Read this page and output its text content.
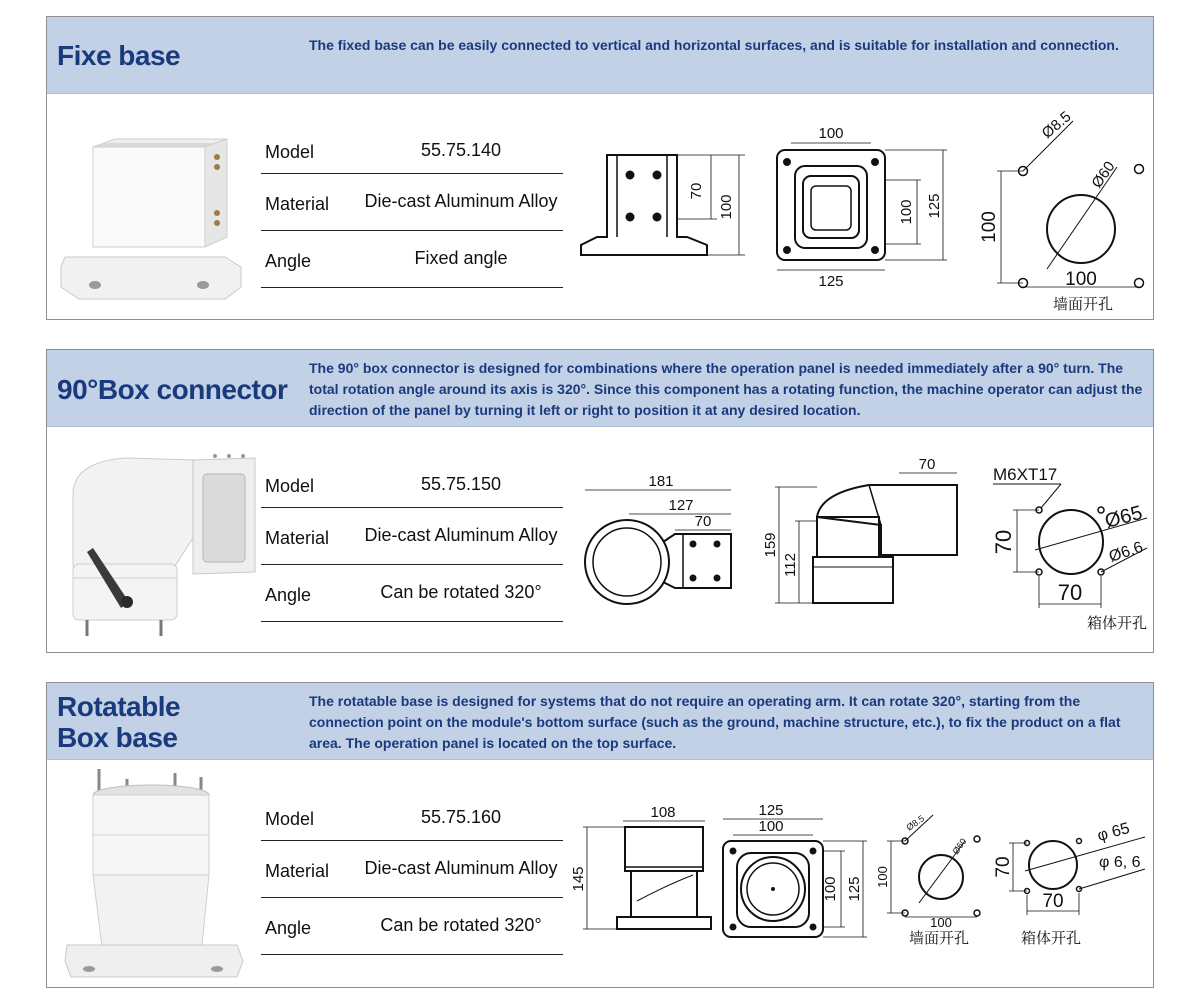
Fixe base	The fixed base can be easily connected to vertical and horizontal surfaces, and is suitable for installation and connection.
Model	55.75.140
Material	Die-cast Aluminum Alloy
Angle	Fixed angle
70
100
100
100 125
125
Ø8.5
Ø60
100
100
墙面开孔
90°Box connector
The 90° box connector is designed for combinations where the operation panel is needed immediately after a 90° turn. The total rotation angle around its axis is 320°. Since this component has a rotating function, the machine operator can adjust the direction of the panel by turning it left or right to position it at any desired location.
Model	55.75.150
Material	Die-cast Aluminum Alloy
Angle	Can be rotated 320°
181
127
70
70
159
112
M6XT17
Ø65
Ø6.6
70
70
箱体开孔
Rotatable
Box base
The rotatable base is designed for systems that do not require an operating arm. It can rotate 320°, starting from the connection point on the module's bottom surface (such as the ground, machine structure, etc.), to fix the product on a flat area. The operation panel is located on the top surface.
Model	55.75.160
Material	Die-cast Aluminum Alloy
Angle	Can be rotated 320°
108
145
125
100
100 125
Ø8.5
Ø60
100
100
墙面开孔
φ 65
φ 6, 6
70
70
箱体开孔
